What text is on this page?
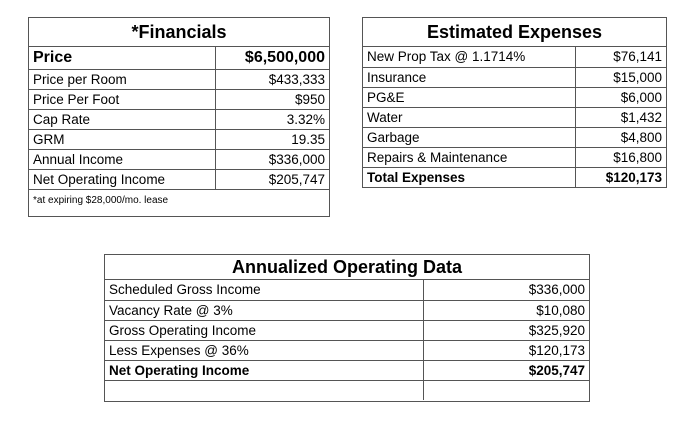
*Financials
Price	$6,500,000
Price per Room	$433,333
Price Per Foot	$950
Cap Rate	3.32%
GRM	19.35
Annual Income	$336,000
Net Operating Income	$205,747
*at expiring $28,000/mo. lease
Estimated Expenses
New Prop Tax @ 1.1714%	$76,141
Insurance	$15,000
PG&E	$6,000
Water	$1,432
Garbage	$4,800
Repairs & Maintenance	$16,800
Total Expenses	$120,173
Annualized Operating Data
Scheduled Gross Income	$336,000
Vacancy Rate @ 3%	$10,080
Gross Operating Income	$325,920
Less Expenses @ 36%	$120,173
Net Operating Income	$205,747
